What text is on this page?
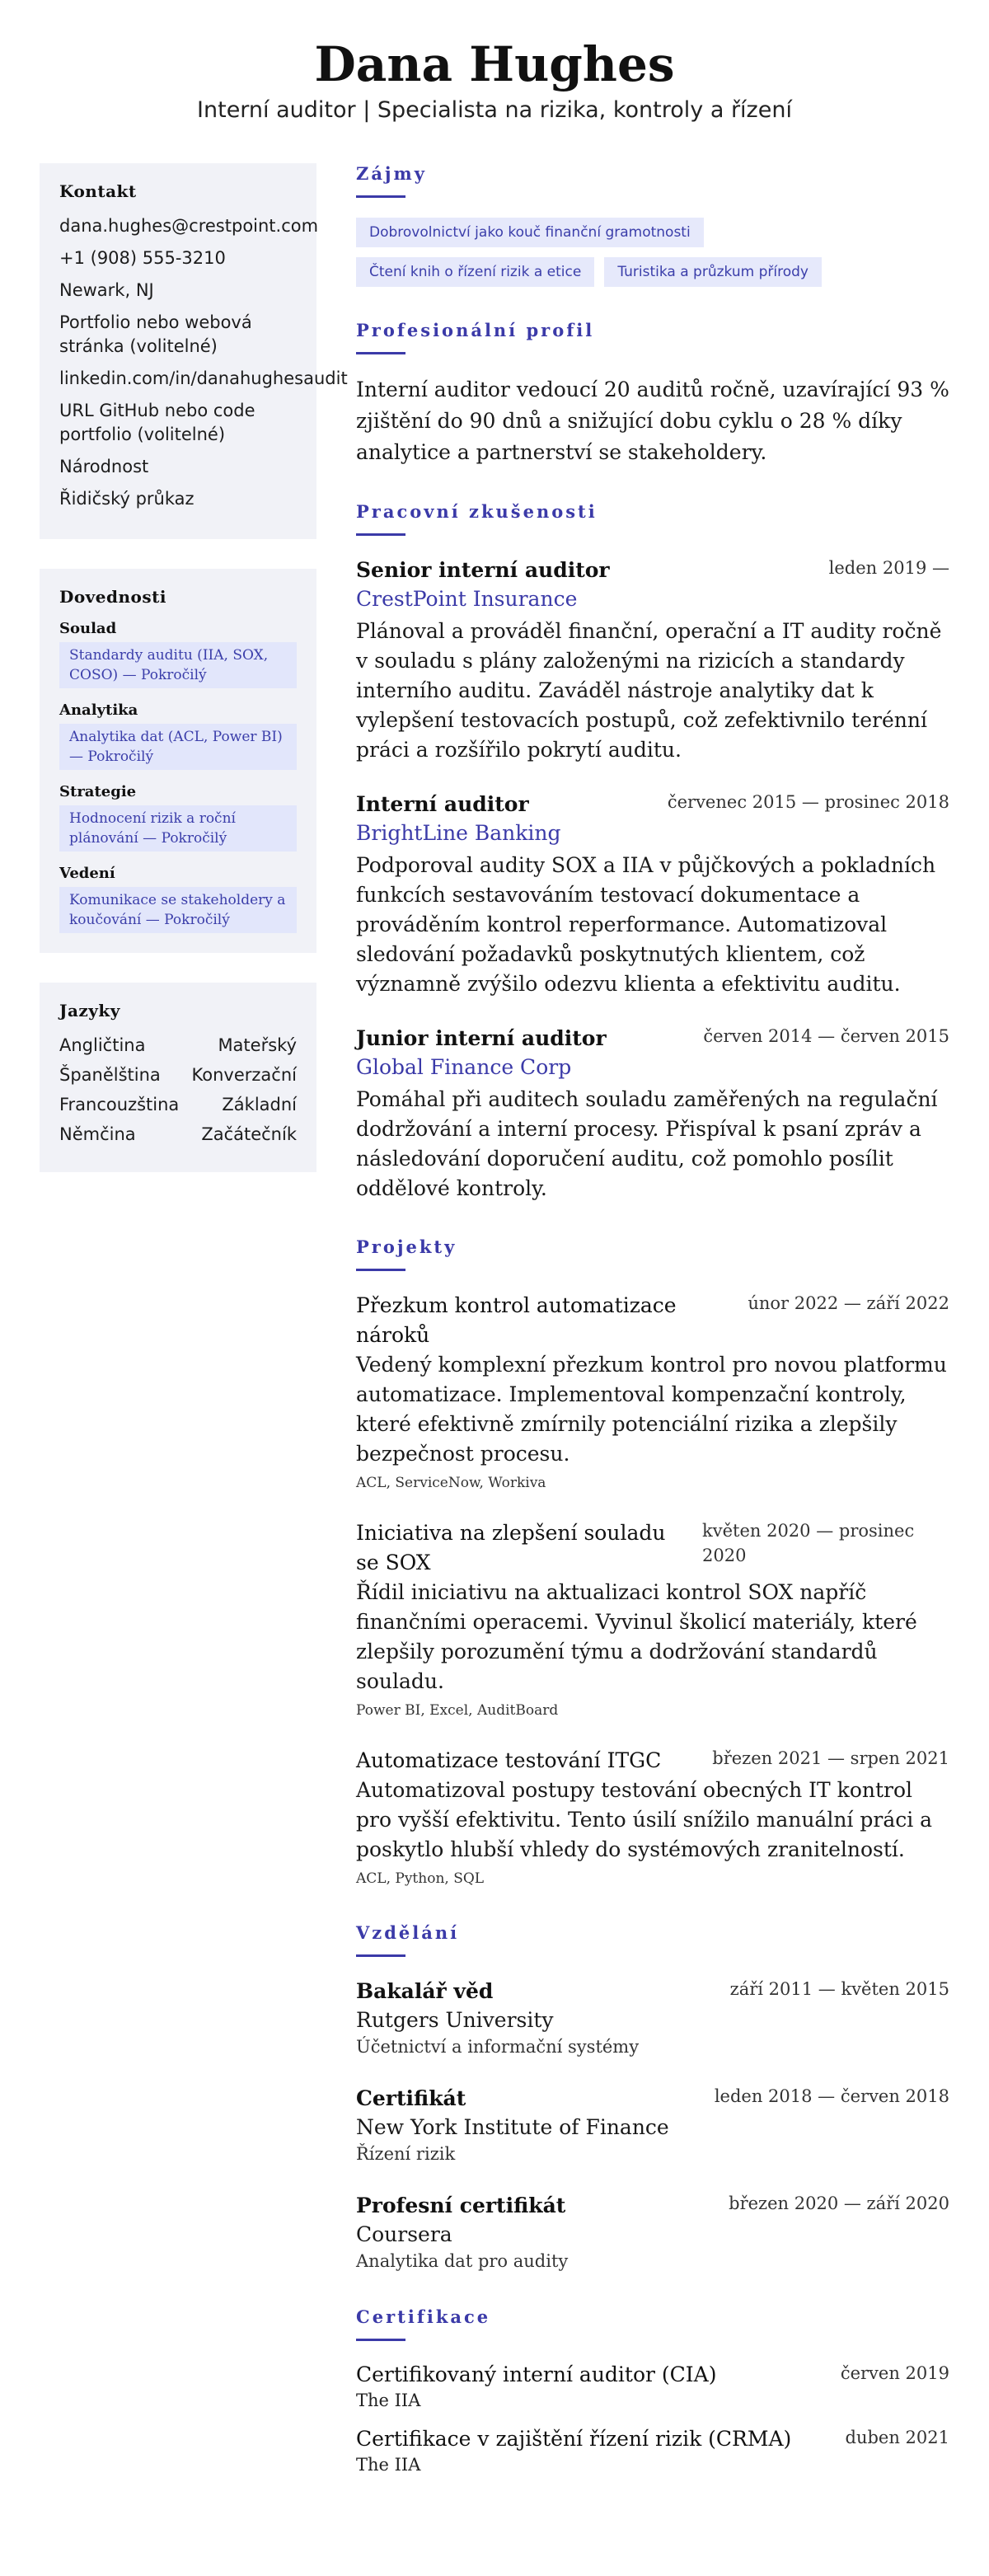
Dana Hughes
Interní auditor | Specialista na rizika, kontroly a řízení
Kontakt
dana.hughes@crestpoint.com
+1 (908) 555-3210
Newark, NJ
Portfolio nebo webová stránka (volitelné)
linkedin.com/in/danahughesaudit
URL GitHub nebo code portfolio (volitelné)
Národnost
Řidičský průkaz
Dovednosti
Soulad
Standardy auditu (IIA, SOX, COSO) — Pokročilý
Analytika
Analytika dat (ACL, Power BI) — Pokročilý
Strategie
Hodnocení rizik a roční plánování — Pokročilý
Vedení
Komunikace se stakeholdery a koučování — Pokročilý
Jazyky
Angličtina	Mateřský
Španělština Konverzační
Francouzština Základní
Němčina	Začátečník
Zájmy
Dobrovolnictví jako kouč finanční gramotnosti
Čtení knih o řízení rizik a etice	Turistika a průzkum přírody
Profesionální profil

Interní auditor vedoucí 20 auditů ročně, uzavírající 93 % zjištění do 90 dnů a snižující dobu cyklu o 28 % díky analytice a partnerství se stakeholdery.

Pracovní zkušenosti
Senior interní auditor	leden 2019 —
CrestPoint Insurance

Plánoval a prováděl finanční, operační a IT audity ročně v souladu s plány založenými na rizicích a standardy interního auditu. Zaváděl nástroje analytiky dat k vylepšení testovacích postupů, což zefektivnilo terénní práci a rozšířilo pokrytí auditu.

Interní auditor	červenec 2015 — prosinec 2018
BrightLine Banking

Podporoval audity SOX a IIA v půjčkových a pokladních funkcích sestavováním testovací dokumentace a prováděním kontrol reperformance. Automatizoval sledování požadavků poskytnutých klientem, což významně zvýšilo odezvu klienta a efektivitu auditu.

Junior interní auditor	červen 2014 — červen 2015
Global Finance Corp

Pomáhal při auditech souladu zaměřených na regulační dodržování a interní procesy. Přispíval k psaní zpráv a následování doporučení auditu, což pomohlo posílit oddělové kontroly.

Projekty
Přezkum kontrol automatizace nároků
únor 2022 — září 2022

Vedený komplexní přezkum kontrol pro novou platformu automatizace. Implementoval kompenzační kontroly, které efektivně zmírnily potenciální rizika a zlepšily bezpečnost procesu.

ACL, ServiceNow, Workiva
Iniciativa na zlepšení souladu se SOX
květen 2020 — prosinec 2020

Řídil iniciativu na aktualizaci kontrol SOX napříč finančními operacemi. Vyvinul školicí materiály, které zlepšily porozumění týmu a dodržování standardů souladu.

Power BI, Excel, AuditBoard
Automatizace testování ITGC	březen 2021 — srpen 2021

Automatizoval postupy testování obecných IT kontrol pro vyšší efektivitu. Tento úsilí snížilo manuální práci a poskytlo hlubší vhledy do systémových zranitelností.

ACL, Python, SQL
Vzdělání
Bakalář věd	září 2011 — květen 2015
Rutgers University
Účetnictví a informační systémy
Certifikát	leden 2018 — červen 2018
New York Institute of Finance
Řízení rizik
Profesní certifikát	březen 2020 — září 2020
Coursera
Analytika dat pro audity
Certifikace
Certifikovaný interní auditor (CIA)	červen 2019
The IIA
Certifikace v zajištění řízení rizik (CRMA)	duben 2021
The IIA
